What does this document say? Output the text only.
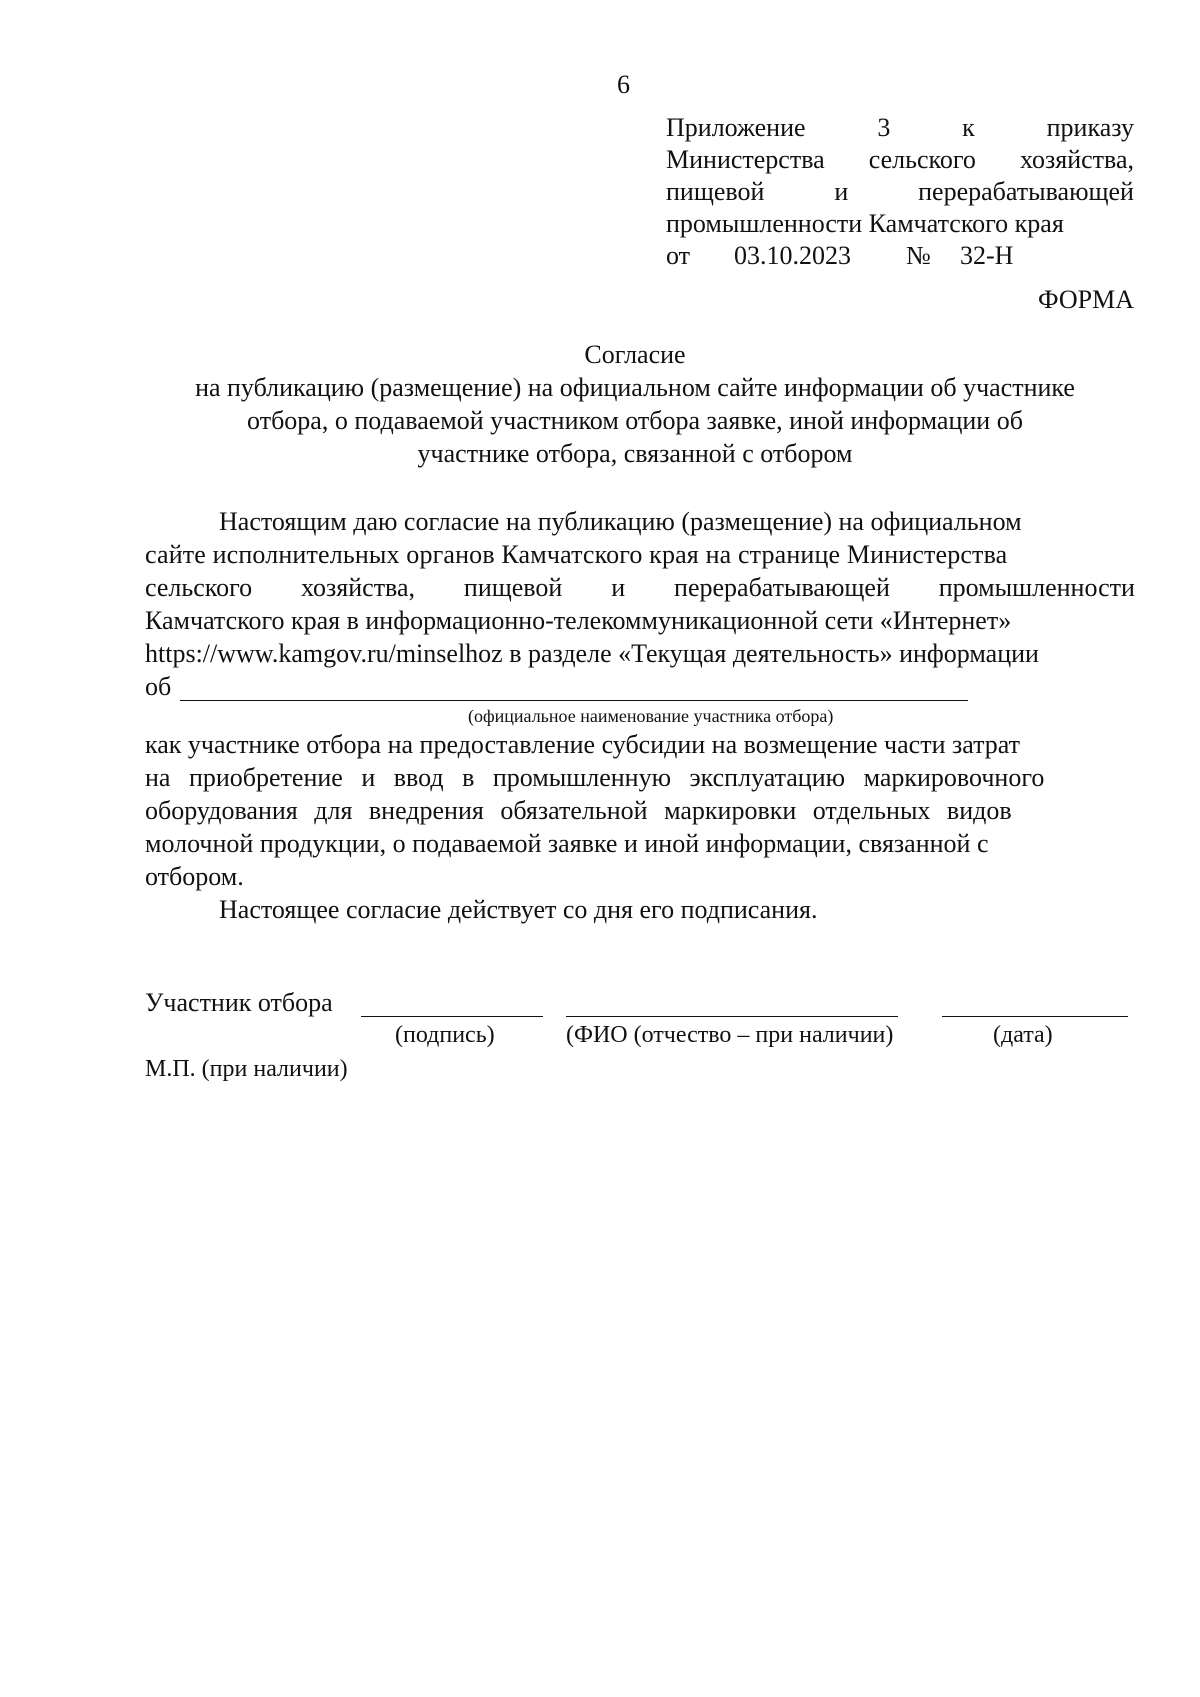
6
Приложение	3	к	приказу
Министерства сельского хозяйства,
пищевой	и	перерабатывающей
промышленности Камчатского края
от 03.10.2023 № 32-Н
ФОРМА
Согласие
на публикацию (размещение) на официальном сайте информации об участнике
отбора, о подаваемой участником отбора заявке, иной информации об
участнике отбора, связанной с отбором
Настоящим даю согласие на публикацию (размещение) на официальном
сайте исполнительных органов Камчатского края на странице Министерства
сельского хозяйства, пищевой и перерабатывающей промышленности
Камчатского края в информационно-телекоммуникационной сети «Интернет»
https://www.kamgov.ru/minselhoz в разделе «Текущая деятельность» информации
об
(официальное наименование участника отбора)
как участнике отбора на предоставление субсидии на возмещение части затрат
на приобретение и ввод в промышленную эксплуатацию маркировочного
оборудования для внедрения обязательной маркировки отдельных видов
молочной продукции, о подаваемой заявке и иной информации, связанной с
отбором.
Настоящее согласие действует со дня его подписания.
Участник отбора
(подпись)	(ФИО (отчество – при наличии)	(дата)
М.П. (при наличии)
